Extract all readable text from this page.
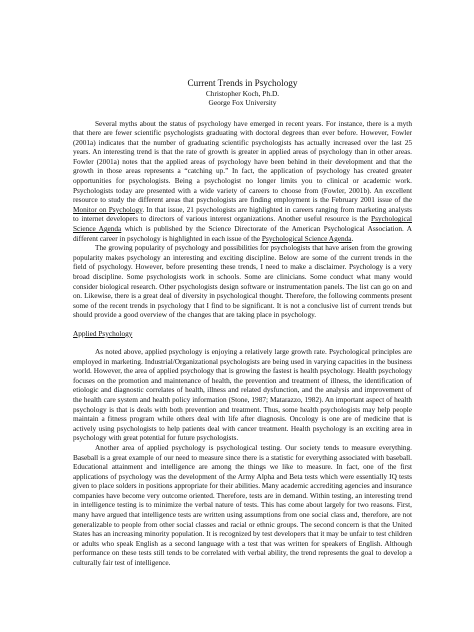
Current Trends in Psychology

Christopher Koch, Ph.D.

George Fox University

Several myths about the status of psychology have emerged in recent years. For instance, there is a myth that there are fewer scientific psychologists graduating with doctoral degrees than ever before. However, Fowler (2001a) indicates that the number of graduating scientific psychologists has actually increased over the last 25 years. An interesting trend is that the rate of growth is greater in applied areas of psychology than in other areas. Fowler (2001a) notes that the applied areas of psychology have been behind in their development and that the growth in those areas represents a “catching up.” In fact, the application of psychology has created greater opportunities for psychologists. Being a psychologist no longer limits you to clinical or academic work. Psychologists today are presented with a wide variety of careers to choose from (Fowler, 2001b). An excellent resource to study the different areas that psychologists are finding employment is the February 2001 issue of the Monitor on Psychology. In that issue, 21 psychologists are highlighted in careers ranging from marketing analysts to internet developers to directors of various interest organizations. Another useful resource is the Psychological Science Agenda which is published by the Science Directorate of the American Psychological Association. A different career in psychology is highlighted in each issue of the Psychological Science Agenda.

The growing popularity of psychology and possibilities for psychologists that have arisen from the growing popularity makes psychology an interesting and exciting discipline. Below are some of the current trends in the field of psychology. However, before presenting these trends, I need to make a disclaimer. Psychology is a very broad discipline. Some psychologists work in schools. Some are clinicians. Some conduct what many would consider biological research. Other psychologists design software or instrumentation panels. The list can go on and on. Likewise, there is a great deal of diversity in psychological thought. Therefore, the following comments present some of the recent trends in psychology that I find to be significant. It is not a conclusive list of current trends but should provide a good overview of the changes that are taking place in psychology.

Applied Psychology

As noted above, applied psychology is enjoying a relatively large growth rate. Psychological principles are employed in marketing. Industrial/Organizational psychologists are being used in varying capacities in the business world. However, the area of applied psychology that is growing the fastest is health psychology. Health psychology focuses on the promotion and maintenance of health, the prevention and treatment of illness, the identification of etiologic and diagnostic correlates of health, illness and related dysfunction, and the analysis and improvement of the health care system and health policy information (Stone, 1987; Matarazzo, 1982). An important aspect of health psychology is that is deals with both prevention and treatment. Thus, some health psychologists may help people maintain a fitness program while others deal with life after diagnosis. Oncology is one are of medicine that is actively using psychologists to help patients deal with cancer treatment. Health psychology is an exciting area in psychology with great potential for future psychologists.

Another area of applied psychology is psychological testing. Our society tends to measure everything. Baseball is a great example of our need to measure since there is a statistic for everything associated with baseball. Educational attainment and intelligence are among the things we like to measure. In fact, one of the first applications of psychology was the development of the Army Alpha and Beta tests which were essentially IQ tests given to place solders in positions appropriate for their abilities. Many academic accrediting agencies and insurance companies have become very outcome oriented. Therefore, tests are in demand. Within testing, an interesting trend in intelligence testing is to minimize the verbal nature of tests. This has come about largely for two reasons. First, many have argued that intelligence tests are written using assumptions from one social class and, therefore, are not generalizable to people from other social classes and racial or ethnic groups. The second concern is that the United States has an increasing minority population. It is recognized by test developers that it may be unfair to test children or adults who speak English as a second language with a test that was written for speakers of English. Although performance on these tests still tends to be correlated with verbal ability, the trend represents the goal to develop a culturally fair test of intelligence.
